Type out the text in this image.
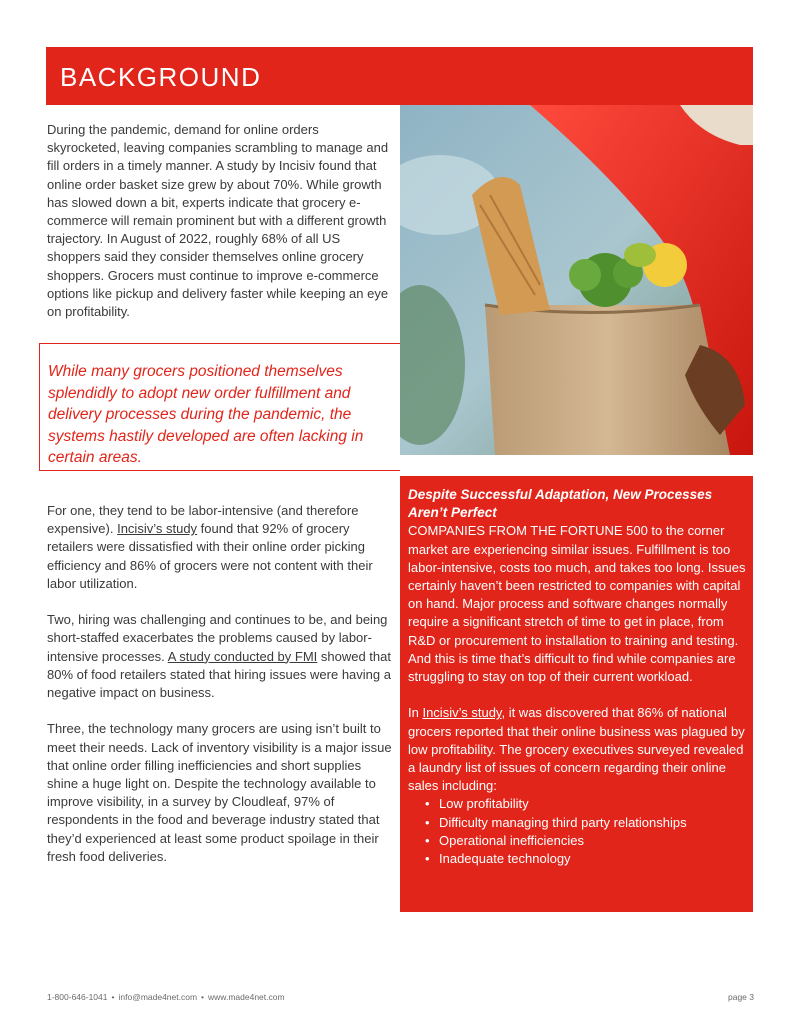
BACKGROUND
During the pandemic, demand for online orders skyrocketed, leaving companies scrambling to manage and fill orders in a timely manner. A study by Incisiv found that online order basket size grew by about 70%. While growth has slowed down a bit, experts indicate that grocery e-commerce will remain prominent but with a different growth trajectory. In August of 2022, roughly 68% of all US shoppers said they consider themselves online grocery shoppers. Grocers must continue to improve e-commerce options like pickup and delivery faster while keeping an eye on profitability.

While many grocers positioned themselves splendidly to adopt new order fulfillment and delivery processes during the pandemic, the systems hastily developed are often lacking in certain areas.

For one, they tend to be labor-intensive (and therefore expensive). Incisiv’s study found that 92% of grocery retailers were dissatisfied with their online order picking efficiency and 86% of grocers were not content with their labor utilization.

Two, hiring was challenging and continues to be, and being short-staffed exacerbates the problems caused by labor-intensive processes. A study conducted by FMI showed that 80% of food retailers stated that hiring issues were having a negative impact on business.

Three, the technology many grocers are using isn’t built to meet their needs. Lack of inventory visibility is a major issue that online order filling inefficiencies and short supplies shine a huge light on. Despite the technology available to improve visibility, in a survey by Cloudleaf, 97% of respondents in the food and beverage industry stated that they’d experienced at least some product spoilage in their fresh food deliveries.

Despite Successful Adaptation, New Processes Aren’t Perfect

COMPANIES FROM THE FORTUNE 500 to the corner market are experiencing similar issues. Fulfillment is too labor-intensive, costs too much, and takes too long. Issues certainly haven’t been restricted to companies with capital on hand. Major process and software changes normally require a significant stretch of time to get in place, from R&D or procurement to installation to training and testing. And this is time that’s difficult to find while companies are struggling to stay on top of their current workload.

In Incisiv’s study, it was discovered that 86% of national grocers reported that their online business was plagued by low profitability. The grocery executives surveyed revealed a laundry list of issues of concern regarding their online sales including:

• Low profitability
• Difficulty managing third party relationships
• Operational inefficiencies
• Inadequate technology
1-800-646-1041 • info@made4net.com • www.made4net.com	page 3
